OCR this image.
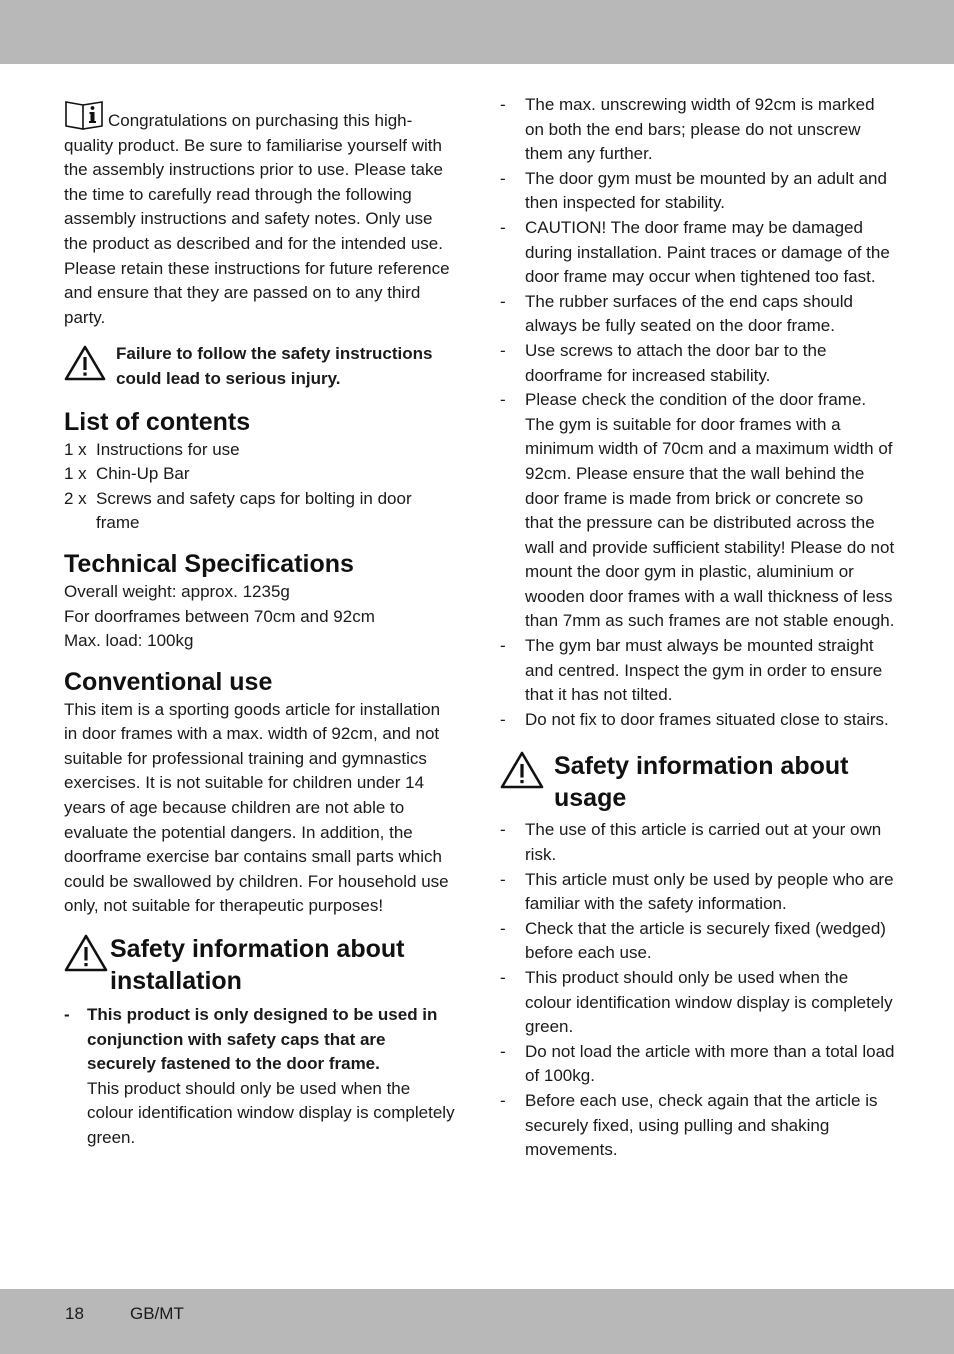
Congratulations on purchasing this high-quality product. Be sure to familiarise yourself with the assembly instructions prior to use. Please take the time to carefully read through the following assembly instructions and safety notes. Only use the product as described and for the intended use. Please retain these instructions for future reference and ensure that they are passed on to any third party.
Failure to follow the safety instructions could lead to serious injury.
List of contents
1 x Instructions for use
1 x Chin-Up Bar
2 x Screws and safety caps for bolting in door frame
Technical Specifications
Overall weight: approx. 1235g
For doorframes between 70cm and 92cm
Max. load: 100kg
Conventional use
This item is a sporting goods article for installation in door frames with a max. width of 92cm, and not suitable for professional training and gymnastics exercises. It is not suitable for children under 14 years of age because children are not able to evaluate the potential dangers. In addition, the doorframe exercise bar contains small parts which could be swallowed by children. For household use only, not suitable for therapeutic purposes!
Safety information about installation
-	This product is only designed to be used in conjunction with safety caps that are securely fastened to the door frame.
This product should only be used when the colour identification window display is completely green.
-	The max. unscrewing width of 92cm is marked on both the end bars; please do not unscrew them any further.
-	The door gym must be mounted by an adult and then inspected for stability.
-	CAUTION! The door frame may be damaged during installation. Paint traces or damage of the door frame may occur when tightened too fast.
-	The rubber surfaces of the end caps should always be fully seated on the door frame.
-	Use screws to attach the door bar to the doorframe for increased stability.
-	Please check the condition of the door frame. The gym is suitable for door frames with a minimum width of 70cm and a maximum width of 92cm. Please ensure that the wall behind the door frame is made from brick or concrete so that the pressure can be distributed across the wall and provide sufficient stability! Please do not mount the door gym in plastic, aluminium or wooden door frames with a wall thickness of less than 7mm as such frames are not stable enough.
-	The gym bar must always be mounted straight and centred. Inspect the gym in order to ensure that it has not tilted.
-	Do not fix to door frames situated close to stairs.
Safety information about usage
-	The use of this article is carried out at your own risk.
-	This article must only be used by people who are familiar with the safety information.
-	Check that the article is securely fixed (wedged) before each use.
-	This product should only be used when the colour identification window display is completely green.
-	Do not load the article with more than a total load of 100kg.
-	Before each use, check again that the article is securely fixed, using pulling and shaking movements.
18	GB/MT
